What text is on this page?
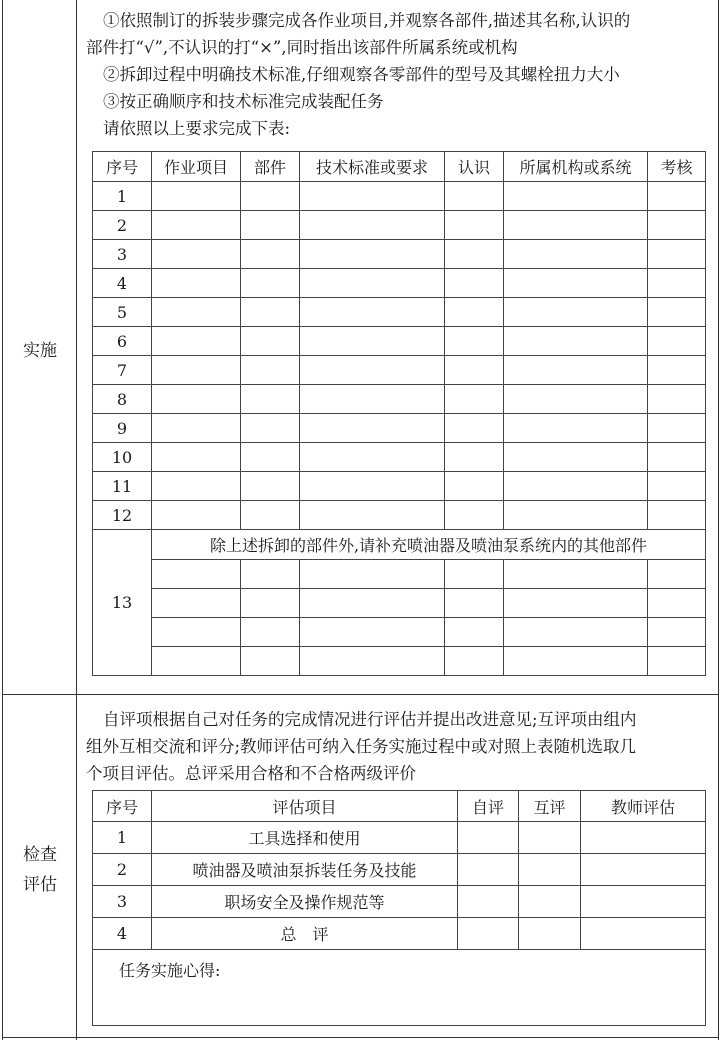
实施
①依照制订的拆装步骤完成各作业项目,并观察各部件,描述其名称,认识的
部件打“√”,不认识的打“×”,同时指出该部件所属系统或机构
②拆卸过程中明确技术标准,仔细观察各零部件的型号及其螺栓扭力大小
③按正确顺序和技术标准完成装配任务
请依照以上要求完成下表:
序号	作业项目	部件	技术标准或要求	认识	所属机构或系统	考核
1						
2						
3						
4						
5						
6						
7						
8						
9						
10						
11						
12						
13	除上述拆卸的部件外,请补充喷油器及喷油泵系统内的其他部件					

检查
评估
自评项根据自己对任务的完成情况进行评估并提出改进意见;互评项由组内
组外互相交流和评分;教师评估可纳入任务实施过程中或对照上表随机选取几
个项目评估。总评采用合格和不合格两级评价
序号	评估项目	自评	互评	教师评估
1	工具选择和使用			
2	喷油器及喷油泵拆装任务及技能			
3	职场安全及操作规范等			
4	总　评			
任务实施心得:				
